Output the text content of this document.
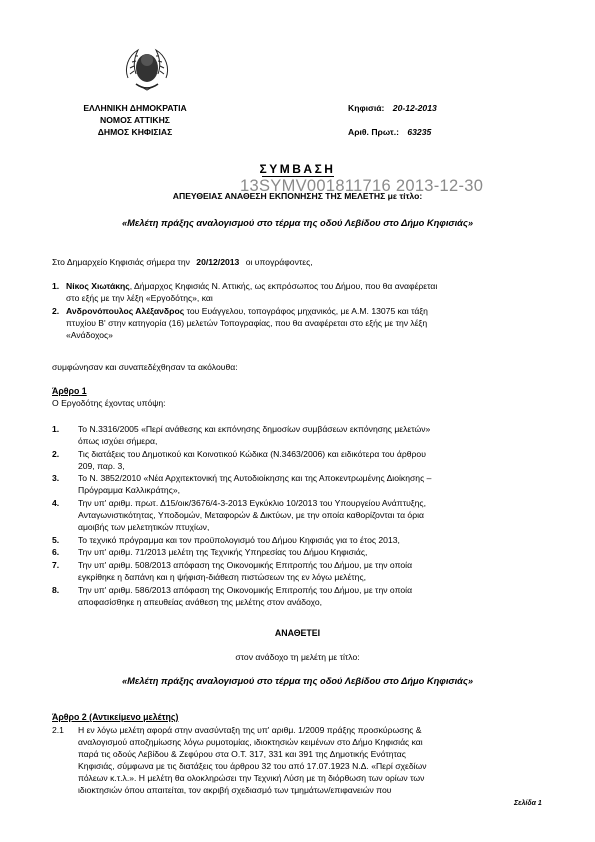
ΕΛΛΗΝΙΚΗ ΔΗΜΟΚΡΑΤΙΑ
ΝΟΜΟΣ ΑΤΤΙΚΗΣ
ΔΗΜΟΣ ΚΗΦΙΣΙΑΣ
Κηφισιά: 20-12-2013
Αριθ. Πρωτ.: 63235
ΣΥΜΒΑΣΗ
13SYMV001811716 2013-12-30
ΑΠΕΥΘΕΙΑΣ ΑΝΑΘΕΣΗ ΕΚΠΟΝΗΣΗΣ ΤΗΣ ΜΕΛΕΤΗΣ με τίτλο:
«Μελέτη πράξης αναλογισμού στο τέρμα της οδού Λεβίδου στο Δήμο Κηφισιάς»
Στο Δημαρχείο Κηφισιάς σήμερα την 20/12/2013 οι υπογράφοντες,
1. Νίκος Χιωτάκης, Δήμαρχος Κηφισιάς Ν. Αττικής, ως εκπρόσωπος του Δήμου, που θα αναφέρεται
στο εξής με την λέξη «Εργοδότης», και
2. Ανδρονόπουλος Αλέξανδρος του Ευάγγελου, τοπογράφος μηχανικός, με Α.Μ. 13075 και τάξη
πτυχίου Β' στην κατηγορία (16) μελετών Τοπογραφίας, που θα αναφέρεται στο εξής με την λέξη
«Ανάδοχος»
συμφώνησαν και συναπεδέχθησαν τα ακόλουθα:
Άρθρο 1
Ο Εργοδότης έχοντας υπόψη:
1. Το Ν.3316/2005 «Περί ανάθεσης και εκπόνησης δημοσίων συμβάσεων εκπόνησης μελετών»
όπως ισχύει σήμερα,
2. Τις διατάξεις του Δημοτικού και Κοινοτικού Κώδικα (Ν.3463/2006) και ειδικότερα του άρθρου
209, παρ. 3,
3. Το Ν. 3852/2010 «Νέα Αρχιτεκτονική της Αυτοδιοίκησης και της Αποκεντρωμένης Διοίκησης –
Πρόγραμμα Καλλικράτης»,
4. Την υπ' αριθμ. πρωτ. Δ15/οικ/3676/4-3-2013 Εγκύκλιο 10/2013 του Υπουργείου Ανάπτυξης,
Ανταγωνιστικότητας, Υποδομών, Μεταφορών & Δικτύων, με την οποία καθορίζονται τα όρια
αμοιβής των μελετητικών πτυχίων,
5. Το τεχνικό πρόγραμμα και τον προϋπολογισμό του Δήμου Κηφισιάς για το έτος 2013,
6. Την υπ' αριθμ. 71/2013 μελέτη της Τεχνικής Υπηρεσίας του Δήμου Κηφισιάς,
7. Την υπ' αριθμ. 508/2013 απόφαση της Οικονομικής Επιτροπής του Δήμου, με την οποία
εγκρίθηκε η δαπάνη και η ψήφιση-διάθεση πιστώσεων της εν λόγω μελέτης,
8. Την υπ' αριθμ. 586/2013 απόφαση της Οικονομικής Επιτροπής του Δήμου, με την οποία
αποφασίσθηκε η απευθείας ανάθεση της μελέτης στον ανάδοχο,
ΑΝΑΘΕΤΕΙ
στον ανάδοχο τη μελέτη με τίτλο:
«Μελέτη πράξης αναλογισμού στο τέρμα της οδού Λεβίδου στο Δήμο Κηφισιάς»
Άρθρο 2 (Αντικείμενο μελέτης)
2.1 Η εν λόγω μελέτη αφορά στην ανασύνταξη της υπ' αριθμ. 1/2009 πράξης προσκύρωσης &
αναλογισμού αποζημίωσης λόγω ρυμοτομίας, ιδιοκτησιών κειμένων στο Δήμο Κηφισιάς και
παρά τις οδούς Λεβίδου & Ζεφύρου στα Ο.Τ. 317, 331 και 391 της Δημοτικής Ενότητας
Κηφισιάς, σύμφωνα με τις διατάξεις του άρθρου 32 του από 17.07.1923 Ν.Δ. «Περί σχεδίων
πόλεων κ.τ.λ.». Η μελέτη θα ολοκληρώσει την Τεχνική Λύση με τη διόρθωση των ορίων των
ιδιοκτησιών όπου απαιτείται, τον ακριβή σχεδιασμό των τμημάτων/επιφανειών που
Σελίδα 1
